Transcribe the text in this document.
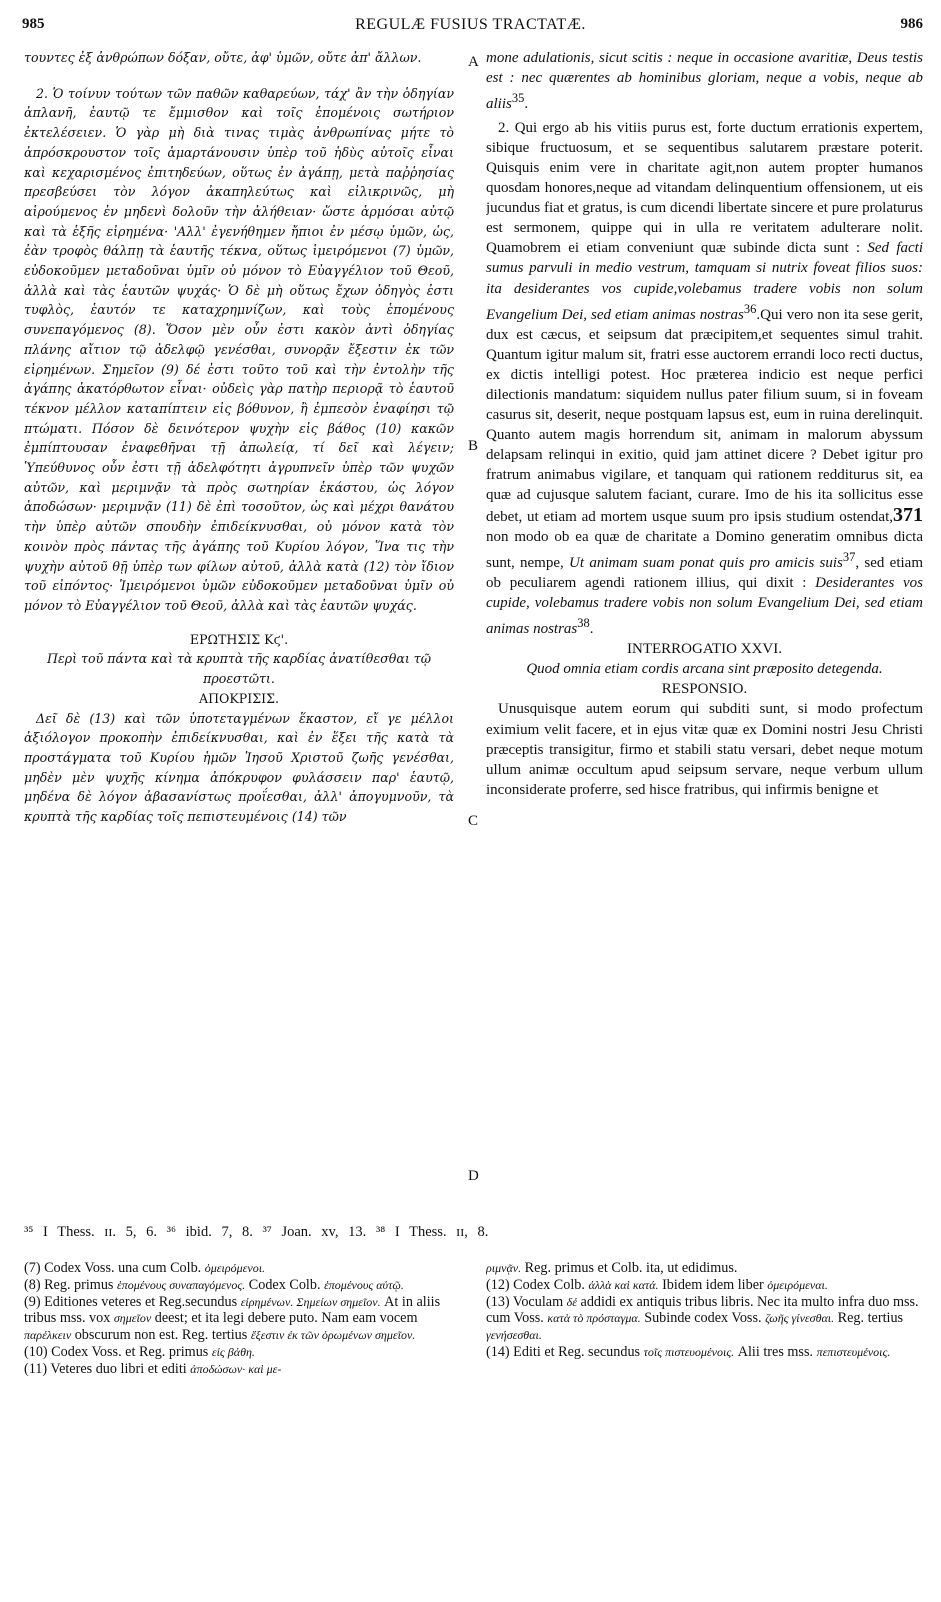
985	REGULÆ FUSIUS TRACTATÆ.	986
A
B
C
D

τουντες ἐξ ἀνθρώπων δόξαν, οὔτε, ἀφ' ὑμῶν, οὔτε ἀπ' ἄλλων.

2. Ὁ τοίνυν τούτων τῶν παθῶν καθαρεύων, τάχ' ἂν τὴν ὁδηγίαν ἀπλανῆ, ἑαυτῷ τε ἔμμισθον καὶ τοῖς ἑπομένοις σωτήριον ἐκτελέσειεν. Ὁ γὰρ μὴ διὰ τινας τιμὰς ἀνθρωπίνας μήτε τὸ ἀπρόσκρουστον τοῖς ἁμαρτάνουσιν ὑπὲρ τοῦ ἡδὺς αὐτοῖς εἶναι καὶ κεχαρισμένος ἐπιτηδεύων, οὕτως ἐν ἀγάπῃ, μετὰ παῤῥησίας πρεσβεύσει τὸν λόγον ἀκαπηλεύτως καὶ εἰλικρινῶς, μὴ αἱρούμενος ἐν μηδενὶ δολοῦν τὴν ἀλήθειαν· ὥστε ἁρμόσαι αὐτῷ καὶ τὰ ἑξῆς εἰρημένα· 'Αλλ' ἐγενήθημεν ἤπιοι ἐν μέσῳ ὑμῶν, ὡς, ἐὰν τροφὸς θάλπῃ τὰ ἑαυτῆς τέκνα, οὕτως ἱμειρόμενοι (7) ὑμῶν, εὐδοκοῦμεν μεταδοῦναι ὑμῖν οὐ μόνον τὸ Εὐαγγέλιον τοῦ Θεοῦ, ἀλλὰ καὶ τὰς ἑαυτῶν ψυχάς· Ὁ δὲ μὴ οὕτως ἔχων ὁδηγὸς ἐστι τυφλὸς, ἑαυτόν τε καταχρημνίζων, καὶ τοὺς ἑπομένους συνεπαγόμενος (8). Ὅσον μὲν οὖν ἐστι κακὸν ἀντὶ ὁδηγίας πλάνης αἴτιον τῷ ἀδελφῷ γενέσθαι, συνορᾷν ἔξεστιν ἐκ τῶν εἰρημένων. Σημεῖον (9) δέ ἐστι τοῦτο τοῦ καὶ τὴν ἐντολὴν τῆς ἀγάπης ἀκατόρθωτον εἶναι· οὐδεὶς γὰρ πατὴρ περιορᾷ τὸ ἑαυτοῦ τέκνον μέλλον καταπίπτειν εἰς βόθυνον, ἢ ἐμπεσὸν ἐναφίησι τῷ πτώματι. Πόσον δὲ δεινότερον ψυχὴν εἰς βάθος (10) κακῶν ἐμπίπτουσαν ἐναφεθῆναι τῇ ἀπωλείᾳ, τί δεῖ καὶ λέγειν; Ὑπεύθυνος οὖν ἐστι τῇ ἀδελφότητι ἀγρυπνεῖν ὑπὲρ τῶν ψυχῶν αὐτῶν, καὶ μεριμνᾷν τὰ πρὸς σωτηρίαν ἑκάστου, ὡς λόγον ἀποδώσων· μεριμνᾷν (11) δὲ ἐπὶ τοσοῦτον, ὡς καὶ μέχρι θανάτου τὴν ὑπὲρ αὐτῶν σπουδὴν ἐπιδείκνυσθαι, οὐ μόνον κατὰ τὸν κοινὸν πρὸς πάντας τῆς ἀγάπης τοῦ Κυρίου λόγον, Ἵνα τις τὴν ψυχὴν αὐτοῦ θῇ ὑπὲρ των φίλων αὐτοῦ, ἀλλὰ κατὰ (12) τὸν ἴδιον τοῦ εἰπόντος· Ἱμειρόμενοι ὑμῶν εὐδοκοῦμεν μεταδοῦναι ὑμῖν οὐ μόνον τὸ Εὐαγγέλιον τοῦ Θεοῦ, ἀλλὰ καὶ τὰς ἑαυτῶν ψυχάς.

ΕΡΩΤΗΣΙΣ Κϛ'.

Περὶ τοῦ πάντα καὶ τὰ κρυπτὰ τῆς καρδίας ἀνατίθεσθαι τῷ προεστῶτι.

ΑΠΟΚΡΙΣΙΣ.

Δεῖ δὲ (13) καὶ τῶν ὑποτεταγμένων ἕκαστον, εἴ γε μέλλοι ἀξιόλογον προκοπὴν ἐπιδείκνυσθαι, καὶ ἐν ἕξει τῆς κατὰ τὰ προστάγματα τοῦ Κυρίου ἡμῶν Ἰησοῦ Χριστοῦ ζωῆς γενέσθαι, μηδὲν μὲν ψυχῆς κίνημα ἀπόκρυφον φυλάσσειν παρ' ἑαυτῷ, μηδένα δὲ λόγον ἀβασανίστως προΐεσθαι, ἀλλ' ἀπογυμνοῦν, τὰ κρυπτὰ τῆς καρδίας τοῖς πεπιστευμένοις (14) τῶν

mone adulationis, sicut scitis : neque in occasione avaritiæ, Deus testis est : nec quærentes ab hominibus gloriam, neque a vobis, neque ab aliis$^{35}$.

2. Qui ergo ab his vitiis purus est, forte ductum errationis expertem, sibique fructuosum, et se sequentibus salutarem præstare poterit. Quisquis enim vere in charitate agit,non autem propter humanos quosdam honores,neque ad vitandam delinquentium offensionem, ut eis jucundus fiat et gratus, is cum dicendi libertate sincere et pure prolaturus est sermonem, quippe qui in ulla re veritatem adulterare nolit. Quamobrem ei etiam conveniunt quæ subinde dicta sunt : Sed facti sumus parvuli in medio vestrum, tamquam si nutrix foveat filios suos: ita desiderantes vos cupide,volebamus tradere vobis non solum Evangelium Dei, sed etiam animas nostras$^{36}$.Qui vero non ita sese gerit, dux est cæcus, et seipsum dat præcipitem,et sequentes simul trahit. Quantum igitur malum sit, fratri esse auctorem errandi loco recti ductus, ex dictis intelligi potest. Hoc præterea indicio est neque perfici dilectionis mandatum: siquidem nullus pater filium suum, si in foveam casurus sit, deserit, neque postquam lapsus est, eum in ruina derelinquit. Quanto autem magis horrendum sit, animam in malorum abyssum delapsam relinqui in exitio, quid jam attinet dicere ? Debet igitur pro fratrum animabus vigilare, et tanquam qui rationem redditurus sit, ea quæ ad cujusque salutem faciant, curare. Imo de his ita sollicitus esse debet, ut etiam ad mortem usque suum pro ipsis studium ostendat,371 non modo ob ea quæ de charitate a Domino generatim omnibus dicta sunt, nempe, Ut animam suam ponat quis pro amicis suis$^{37}$, sed etiam ob peculiarem agendi rationem illius, qui dixit : Desiderantes vos cupide, volebamus tradere vobis non solum Evangelium Dei, sed etiam animas nostras$^{38}$.

INTERROGATIO XXVI.

Quod omnia etiam cordis arcana sint præposito detegenda.

RESPONSIO.

Unusquisque autem eorum qui subditi sunt, si modo profectum eximium velit facere, et in ejus vitæ quæ ex Domini nostri Jesu Christi præceptis transigitur, firmo et stabili statu versari, debet neque motum ullum animæ occultum apud seipsum servare, neque verbum ullum inconsiderate proferre, sed hisce fratribus, qui infirmis benigne et

³⁵ I Thess. ɪɪ. 5, 6. ³⁶ ibid. 7, 8. ³⁷ Joan. xv, 13. ³⁸ I Thess. ɪɪ, 8.

(7) Codex Voss. una cum Colb. ὁμειρόμενοι.

(8) Reg. primus ἑπομένους συναπαγόμενος. Codex Colb. ἑπομένους αὐτῷ.

(9) Editiones veteres et Reg.secundus εἰρημένων. Σημείων σημεῖον. At in aliis tribus mss. vox σημεῖον deest; et ita legi debere puto. Nam eam vocem παρέλκειν obscurum non est. Reg. tertius ἔξεστιν ἐκ τῶν ὁρωμένων σημεῖον.

(10) Codex Voss. et Reg. primus εἰς βάθη.

(11) Veteres duo libri et editi ἀποδώσων· καὶ με-

ριμνᾷν. Reg. primus et Colb. ita, ut edidimus.

(12) Codex Colb. ἀλλὰ καὶ κατά. Ibidem idem liber ὁμειρόμεναι.

(13) Voculam δέ addidi ex antiquis tribus libris. Nec ita multo infra duo mss. cum Voss. κατὰ τὸ πρόσταγμα. Subinde codex Voss. ζωῆς γίνεσθαι. Reg. tertius γενήσεσθαι.

(14) Editi et Reg. secundus τοῖς πιστευομένοις. Alii tres mss. πεπιστευμένοις.
